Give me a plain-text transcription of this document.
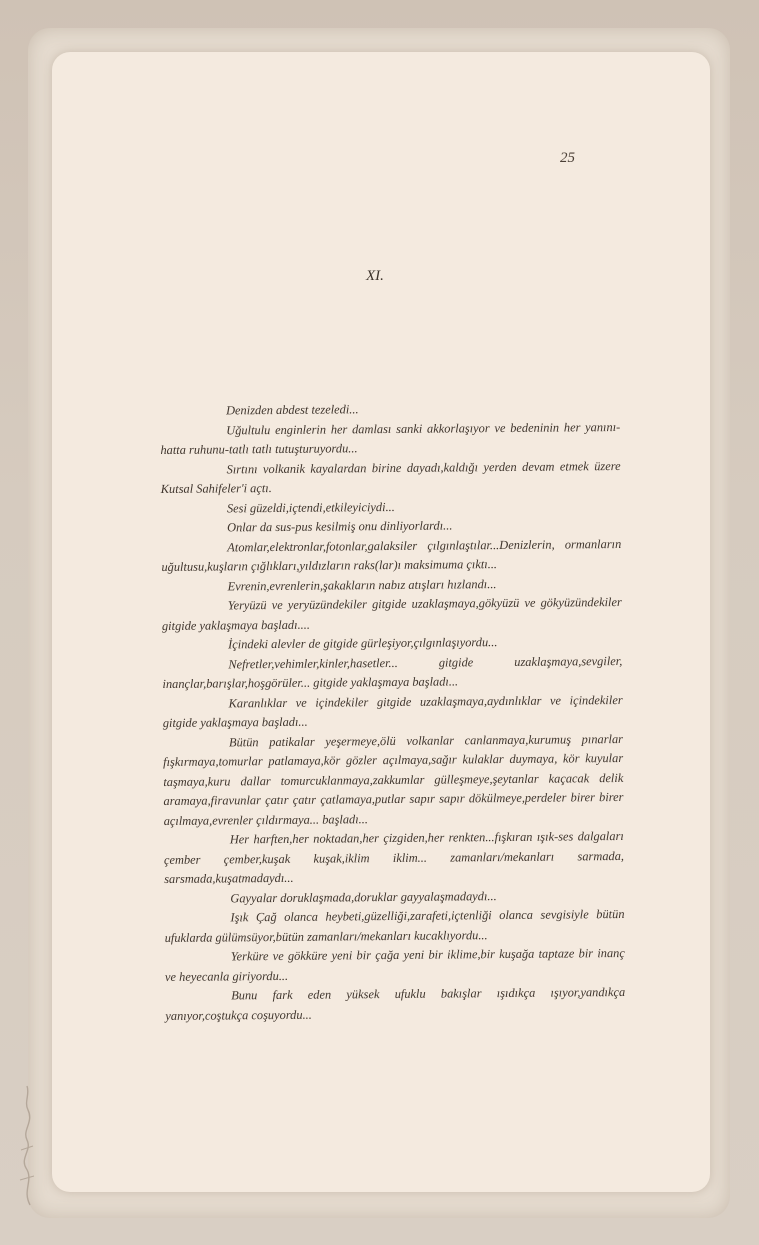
25
XI.

Denizden abdest tezeledi...

Uğultulu enginlerin her damlası sanki akkorlaşıyor ve bedeninin her yanını-hatta ruhunu-tatlı tatlı tutuşturuyordu...

Sırtını volkanik kayalardan birine dayadı,kaldığı yerden devam etmek üzere Kutsal Sahifeler'i açtı.

Sesi güzeldi,içtendi,etkileyiciydi...

Onlar da sus-pus kesilmiş onu dinliyorlardı...

Atomlar,elektronlar,fotonlar,galaksiler çılgınlaştılar...Denizlerin, ormanların uğultusu,kuşların çığlıkları,yıldızların raks(lar)ı maksimuma çıktı...

Evrenin,evrenlerin,şakakların nabız atışları hızlandı...

Yeryüzü ve yeryüzündekiler gitgide uzaklaşmaya,gökyüzü ve gökyüzündekiler gitgide yaklaşmaya başladı....

İçindeki alevler de gitgide gürleşiyor,çılgınlaşıyordu...

Nefretler,vehimler,kinler,hasetler... gitgide uzaklaşmaya,sevgiler, inançlar,barışlar,hoşgörüler... gitgide yaklaşmaya başladı...

Karanlıklar ve içindekiler gitgide uzaklaşmaya,aydınlıklar ve içindekiler gitgide yaklaşmaya başladı...

Bütün patikalar yeşermeye,ölü volkanlar canlanmaya,kurumuş pınarlar fışkırmaya,tomurlar patlamaya,kör gözler açılmaya,sağır kulaklar duymaya, kör kuyular taşmaya,kuru dallar tomurcuklanmaya,zakkumlar gülleşmeye,şeytanlar kaçacak delik aramaya,firavunlar çatır çatır çatlamaya,putlar sapır sapır dökülmeye,perdeler birer birer açılmaya,evrenler çıldırmaya... başladı...

Her harften,her noktadan,her çizgiden,her renkten...fışkıran ışık-ses dalgaları çember çember,kuşak kuşak,iklim iklim... zamanları/mekanları sarmada, sarsmada,kuşatmadaydı...

Gayyalar doruklaşmada,doruklar gayyalaşmadaydı...

Işık Çağ olanca heybeti,güzelliği,zarafeti,içtenliği olanca sevgisiyle bütün ufuklarda gülümsüyor,bütün zamanları/mekanları kucaklıyordu...

Yerküre ve gökküre yeni bir çağa yeni bir iklime,bir kuşağa taptaze bir inanç ve heyecanla giriyordu...

Bunu fark eden yüksek ufuklu bakışlar ışıdıkça ışıyor,yandıkça yanıyor,coştukça coşuyordu...
